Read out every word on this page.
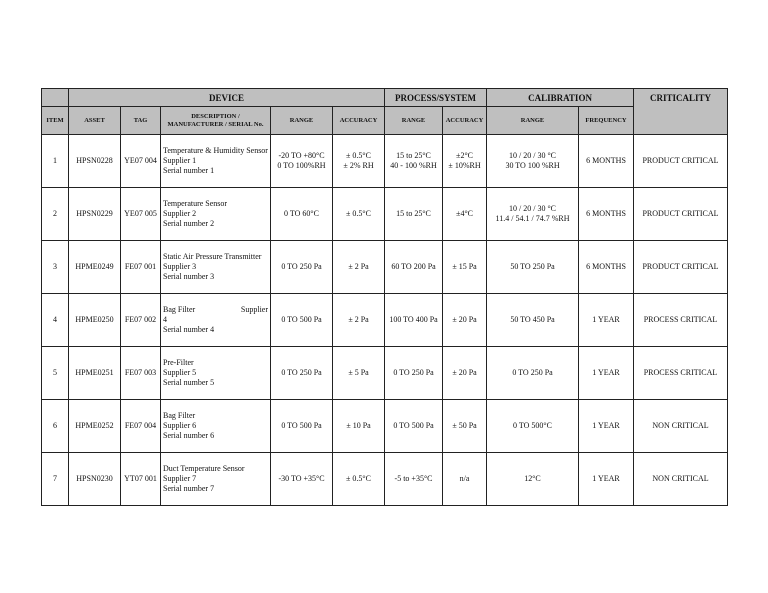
	DEVICE					PROCESS/SYSTEM		CALIBRATION		CRITICALITY
ITEM	ASSET	TAG	DESCRIPTION / MANUFACTURER / SERIAL No.	RANGE	ACCURACY	RANGE	ACCURACY	RANGE	FREQUENCY	
1	HPSN0228	YE07 004	Temperature & Humidity Sensor
Supplier 1
Serial number 1	-20 TO +80°C
0 TO 100%RH	± 0.5°C
± 2% RH	15 to 25°C
40 - 100 %RH	±2°C
± 10%RH	10 / 20 / 30 °C
30 TO 100 %RH	6 MONTHS	PRODUCT CRITICAL
2	HPSN0229	YE07 005	Temperature Sensor
Supplier 2
Serial number 2	0 TO 60°C	± 0.5°C	15 to 25°C	±4°C	10 / 20 / 30 °C
11.4 / 54.1 / 74.7 %RH	6 MONTHS	PRODUCT CRITICAL
3	HPME0249	FE07 001	Static Air Pressure Transmitter
Supplier 3
Serial number 3	0 TO 250 Pa	± 2 Pa	60 TO 200 Pa	± 15 Pa	50 TO 250 Pa	6 MONTHS	PRODUCT CRITICAL
4	HPME0250	FE07 002	Bag Filter Supplier
4
Serial number 4	0 TO 500 Pa	± 2 Pa	100 TO 400 Pa	± 20 Pa	50 TO 450 Pa	1 YEAR	PROCESS CRITICAL
5	HPME0251	FE07 003	Pre-Filter
Supplier 5
Serial number 5	0 TO 250 Pa	± 5 Pa	0 TO 250 Pa	± 20 Pa	0 TO 250 Pa	1 YEAR	PROCESS CRITICAL
6	HPME0252	FE07 004	Bag Filter
Supplier 6
Serial number 6	0 TO 500 Pa	± 10 Pa	0 TO 500 Pa	± 50 Pa	0 TO 500°C	1 YEAR	NON CRITICAL
7	HPSN0230	YT07 001	Duct Temperature Sensor
Supplier 7
Serial number 7	-30 TO +35°C	± 0.5°C	-5 to +35°C	n/a	12°C	1 YEAR	NON CRITICAL
